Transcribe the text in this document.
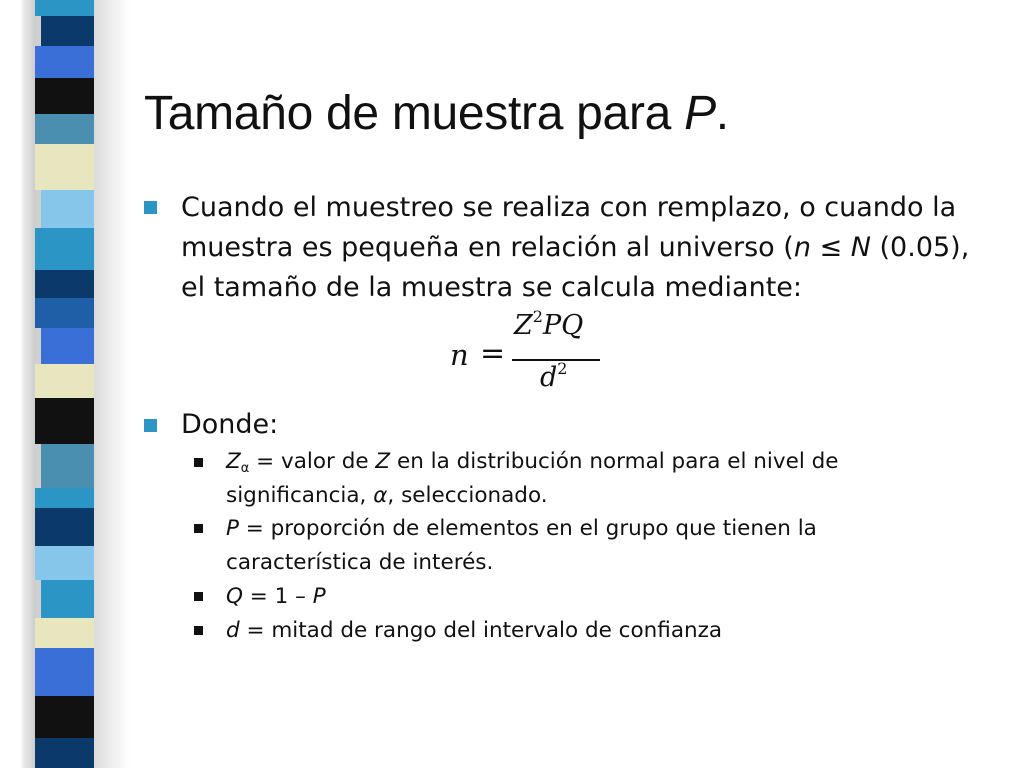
Tamaño de muestra para P.
Cuando el muestreo se realiza con remplazo, o cuando la
muestra es pequeña en relación al universo (n ≤ N (0.05),
el tamaño de la muestra se calcula mediante:
n =
$Z^2PQ$
$d^2$
Donde:
$Z_\alpha$ = valor de Z en la distribución normal para el nivel de
significancia, α, seleccionado.
P = proporción de elementos en el grupo que tienen la
característica de interés.
Q = 1 – P
d = mitad de rango del intervalo de confianza
